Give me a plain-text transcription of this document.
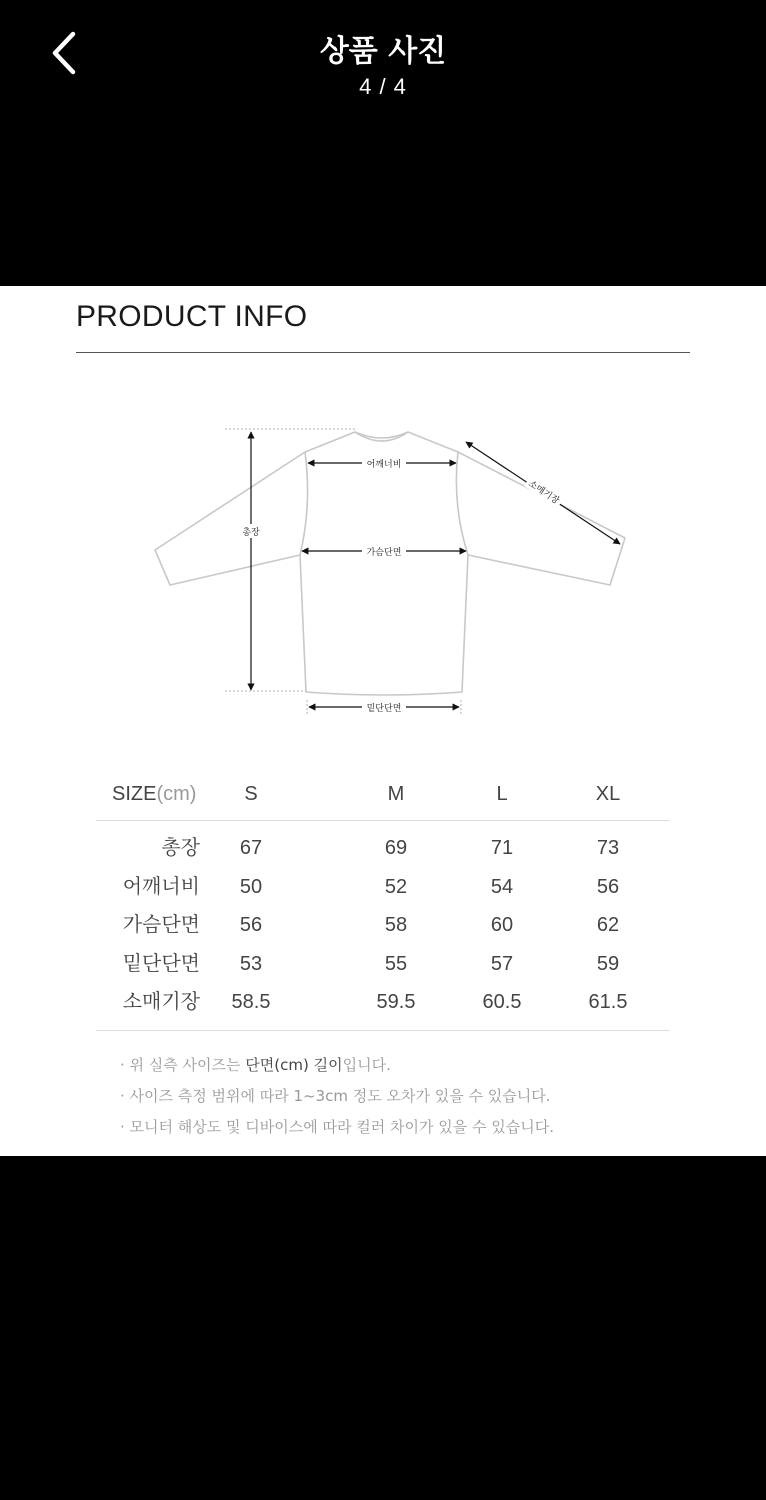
상품 사진
4 / 4
PRODUCT INFO
총장
어깨너비
소매기장
가슴단면
밑단단면
SIZE(cm)	S	M	L	XL
총장	67	69	71	73
어깨너비	50	52	54	56
가슴단면	56	58	60	62
밑단단면	53	55	57	59
소매기장	58.5	59.5	60.5	61.5
· 위 실측 사이즈는 단면(cm) 길이입니다.
· 사이즈 측정 범위에 따라 1~3cm 정도 오차가 있을 수 있습니다.
· 모니터 해상도 및 디바이스에 따라 컬러 차이가 있을 수 있습니다.
